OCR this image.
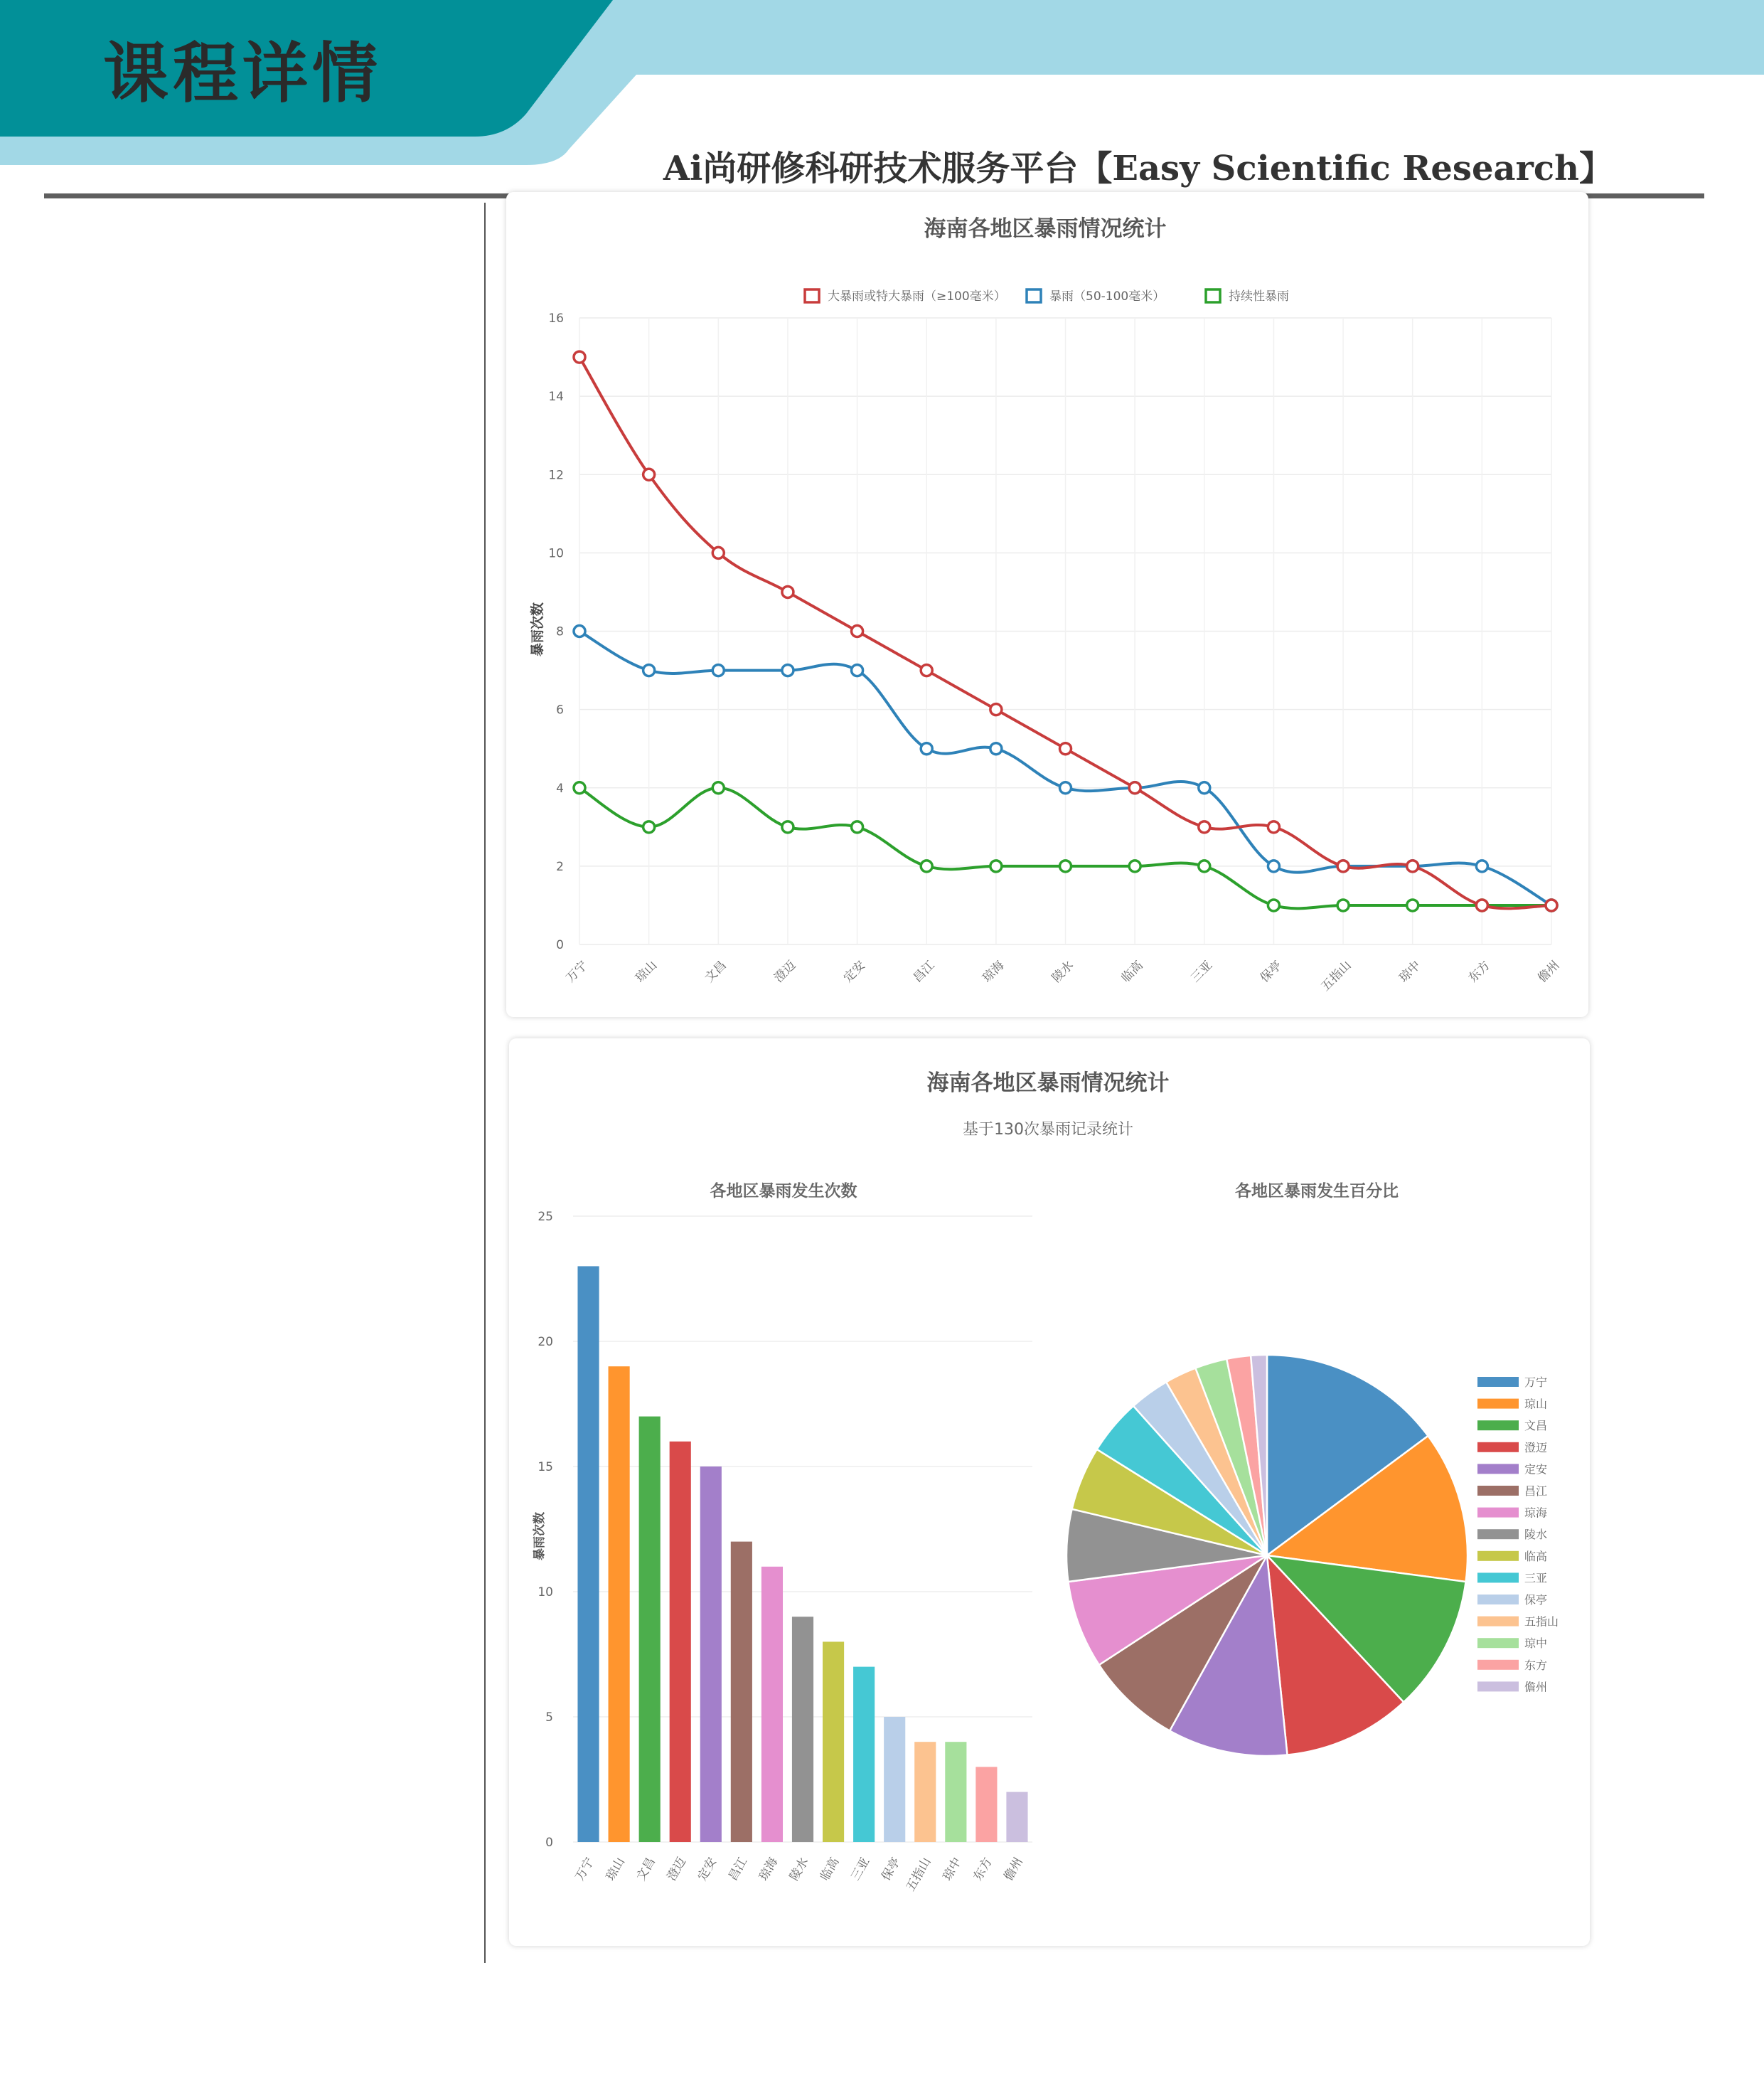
课程详情
Ai尚研修科研技术服务平台【Easy Scientific Research】
海南各地区暴雨情况统计
大暴雨或特大暴雨（≥100毫米）	暴雨（50-100毫米）	持续性暴雨
0
2
4
6
8
10
12
14
16
万宁	琼山	文昌	澄迈	定安	昌江	琼海	陵水	临高	三亚	保亭	五指山	琼中	东方	儋州
暴雨次数
海南各地区暴雨情况统计
基于130次暴雨记录统计
各地区暴雨发生次数	各地区暴雨发生百分比
0
5
10
15
20
25
暴雨次数
万宁 琼山 文昌 澄迈 定安 昌江 琼海 陵水 临高 三亚 保亭 五指山 琼中 东方 儋州
万宁
琼山
文昌
澄迈
定安
昌江
琼海
陵水
临高
三亚
保亭
五指山
琼中
东方
儋州
